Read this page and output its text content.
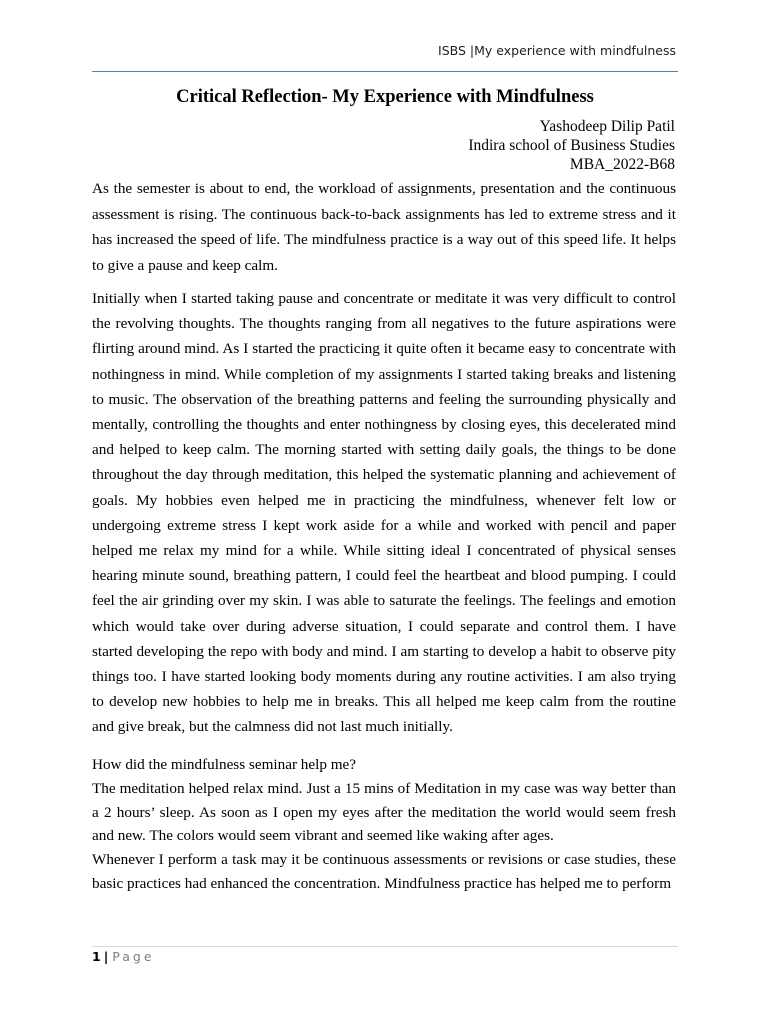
ISBS |My experience with mindfulness
Critical Reflection- My Experience with Mindfulness
Yashodeep Dilip Patil
Indira school of Business Studies
MBA_2022-B68

As the semester is about to end, the workload of assignments, presentation and the continuous assessment is rising. The continuous back-to-back assignments has led to extreme stress and it has increased the speed of life. The mindfulness practice is a way out of this speed life. It helps to give a pause and keep calm.

Initially when I started taking pause and concentrate or meditate it was very difficult to control the revolving thoughts. The thoughts ranging from all negatives to the future aspirations were flirting around mind. As I started the practicing it quite often it became easy to concentrate with nothingness in mind. While completion of my assignments I started taking breaks and listening to music. The observation of the breathing patterns and feeling the surrounding physically and mentally, controlling the thoughts and enter nothingness by closing eyes, this decelerated mind and helped to keep calm. The morning started with setting daily goals, the things to be done throughout the day through meditation, this helped the systematic planning and achievement of goals. My hobbies even helped me in practicing the mindfulness, whenever felt low or undergoing extreme stress I kept work aside for a while and worked with pencil and paper helped me relax my mind for a while. While sitting ideal I concentrated of physical senses hearing minute sound, breathing pattern, I could feel the heartbeat and blood pumping. I could feel the air grinding over my skin. I was able to saturate the feelings. The feelings and emotion which would take over during adverse situation, I could separate and control them. I have started developing the repo with body and mind. I am starting to develop a habit to observe pity things too. I have started looking body moments during any routine activities. I am also trying to develop new hobbies to help me in breaks. This all helped me keep calm from the routine and give break, but the calmness did not last much initially.

How did the mindfulness seminar help me?
The meditation helped relax mind. Just a 15 mins of Meditation in my case was way better than a 2 hours’ sleep. As soon as I open my eyes after the meditation the world would seem fresh and new. The colors would seem vibrant and seemed like waking after ages.
Whenever I perform a task may it be continuous assessments or revisions or case studies, these basic practices had enhanced the concentration. Mindfulness practice has helped me to perform

1 | Page
